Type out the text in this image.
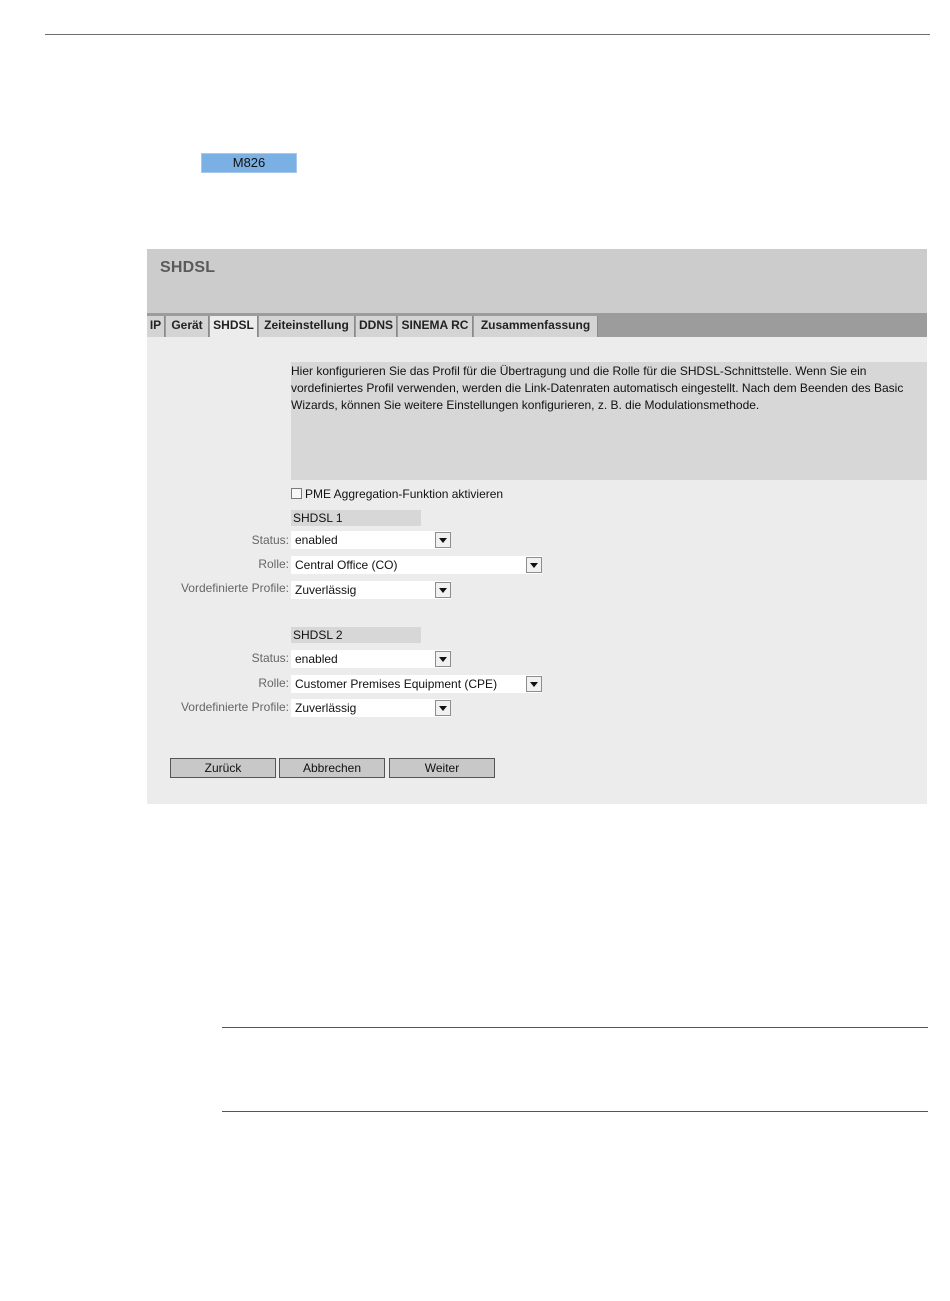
M826
SHDSL
IP Gerät SHDSL Zeiteinstellung DDNS SINEMA RC	Zusammenfassung
Hier konfigurieren Sie das Profil für die Übertragung und die Rolle für die SHDSL-Schnittstelle. Wenn Sie ein vordefiniertes Profil verwenden, werden die Link-Datenraten automatisch eingestellt. Nach dem Beenden des Basic Wizards, können Sie weitere Einstellungen konfigurieren, z. B. die Modulationsmethode.
PME Aggregation-Funktion aktivieren
SHDSL 1
Status: enabled
Rolle: Central Office (CO)
Vordefinierte Profile: Zuverlässig
SHDSL 2
Status: enabled
Rolle: Customer Premises Equipment (CPE)
Vordefinierte Profile: Zuverlässig
Zurück	Abbrechen	Weiter
